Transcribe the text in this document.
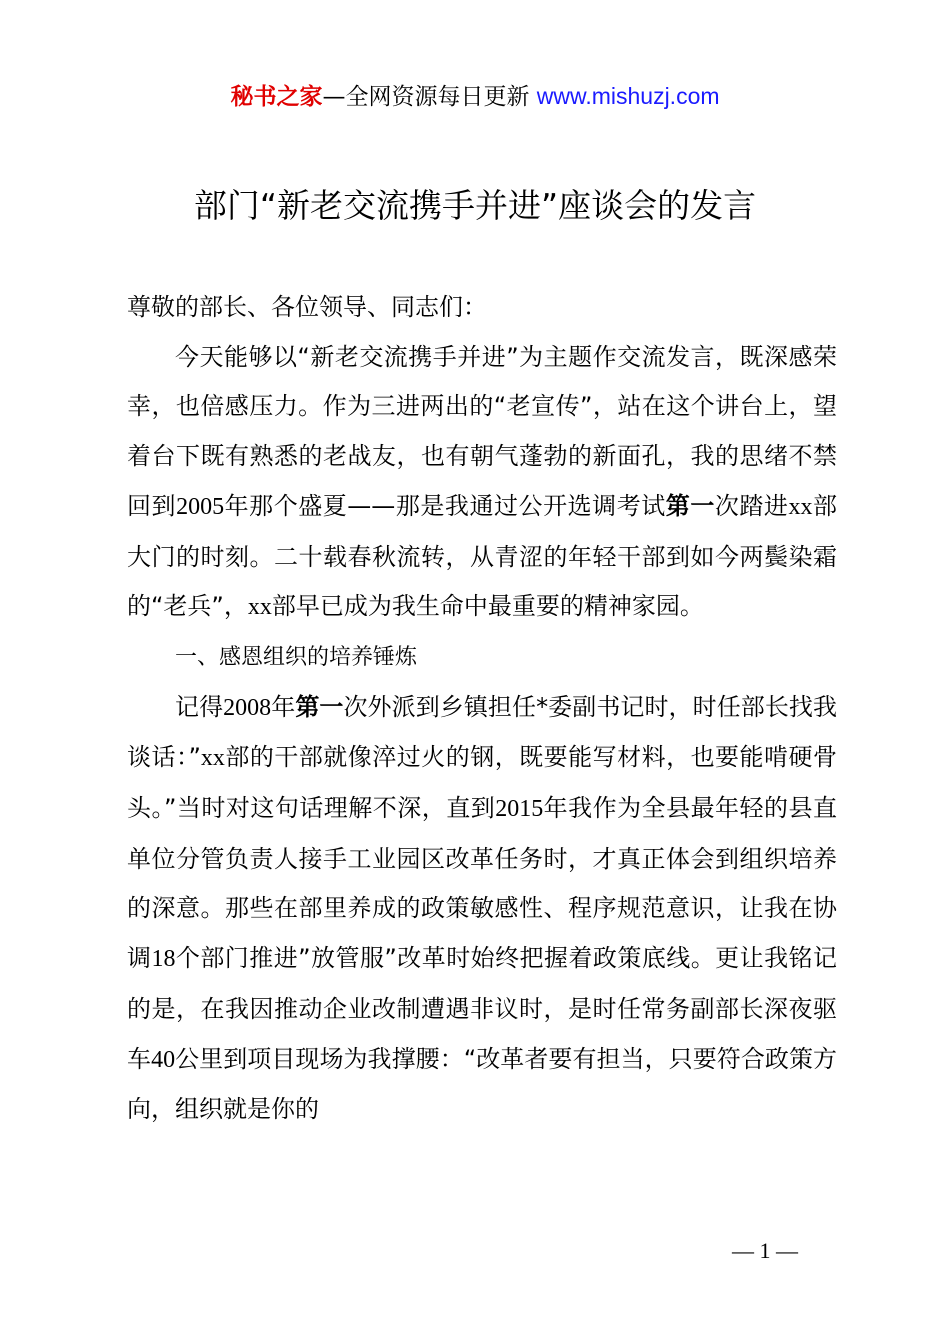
秘书之家—全网资源每日更新 www.mishuzj.com
部门“新老交流携手并进”座谈会的发言

尊敬的部长、各位领导、同志们：

今天能够以“新老交流携手并进”为主题作交流发言，既深感荣幸，也倍感压力。作为三进两出的“老宣传”，站在这个讲台上，望着台下既有熟悉的老战友，也有朝气蓬勃的新面孔，我的思绪不禁回到2005年那个盛夏——那是我通过公开选调考试第一次踏进xx部大门的时刻。二十载春秋流转，从青涩的年轻干部到如今两鬓染霜的“老兵”，xx部早已成为我生命中最重要的精神家园。

一、感恩组织的培养锤炼

记得2008年第一次外派到乡镇担任*委副书记时，时任部长找我谈话：”xx部的干部就像淬过火的钢，既要能写材料，也要能啃硬骨头。”当时对这句话理解不深，直到2015年我作为全县最年轻的县直单位分管负责人接手工业园区改革任务时，才真正体会到组织培养的深意。那些在部里养成的政策敏感性、程序规范意识，让我在协调18个部门推进”放管服”改革时始终把握着政策底线。更让我铭记的是，在我因推动企业改制遭遇非议时，是时任常务副部长深夜驱车40公里到项目现场为我撑腰：“改革者要有担当，只要符合政策方向，组织就是你的

— 1 —
